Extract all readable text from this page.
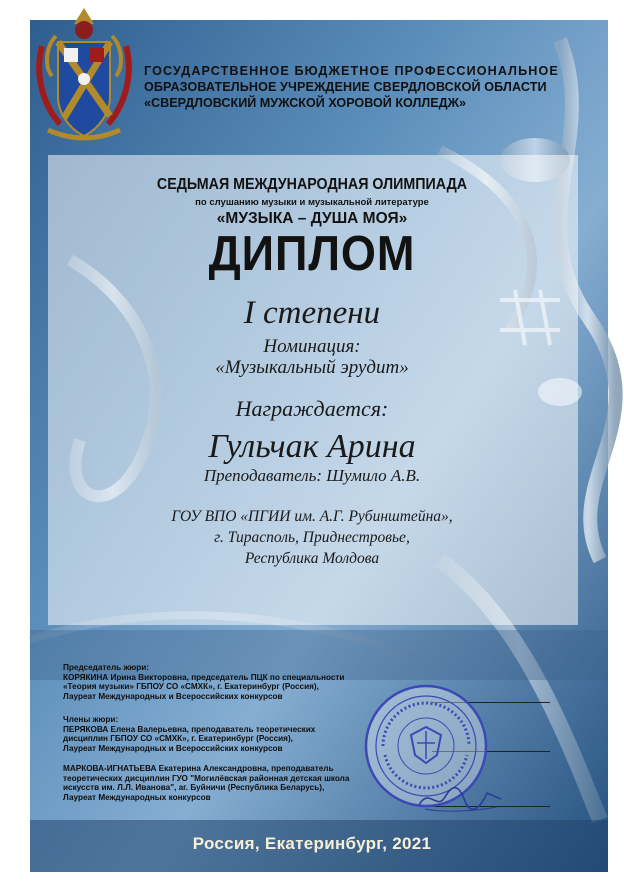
ГОСУДАРСТВЕННОЕ БЮДЖЕТНОЕ ПРОФЕССИОНАЛЬНОЕ
ОБРАЗОВАТЕЛЬНОЕ УЧРЕЖДЕНИЕ СВЕРДЛОВСКОЙ ОБЛАСТИ
«СВЕРДЛОВСКИЙ МУЖСКОЙ ХОРОВОЙ КОЛЛЕДЖ»
СЕДЬМАЯ МЕЖДУНАРОДНАЯ ОЛИМПИАДА
по слушанию музыки и музыкальной литературе
«МУЗЫКА – ДУША МОЯ»
ДИПЛОМ
I степени
Номинация:
«Музыкальный эрудит»
Награждается:
Гульчак Арина
Преподаватель: Шумило А.В.
ГОУ ВПО «ПГИИ им. А.Г. Рубинштейна»,
г. Тирасполь, Приднестровье,
Республика Молдова
Председатель жюри:
КОРЯКИНА Ирина Викторовна, председатель ПЦК по специальности
«Теория музыки» ГБПОУ СО «СМХК», г. Екатеринбург (Россия),
Лауреат Международных и Всероссийских конкурсов
Члены жюри:
ПЕРЯКОВА Елена Валерьевна, преподаватель теоретических
дисциплин ГБПОУ СО «СМХК», г. Екатеринбург (Россия),
Лауреат Международных и Всероссийских конкурсов
МАРКОВА-ИГНАТЬЕВА Екатерина Александровна, преподаватель
теоретических дисциплин ГУО "Могилёвская районная детская школа
искусств им. Л.Л. Иванова", аг. Буйничи (Республика Беларусь),
Лауреат Международных конкурсов
Россия, Екатеринбург, 2021
